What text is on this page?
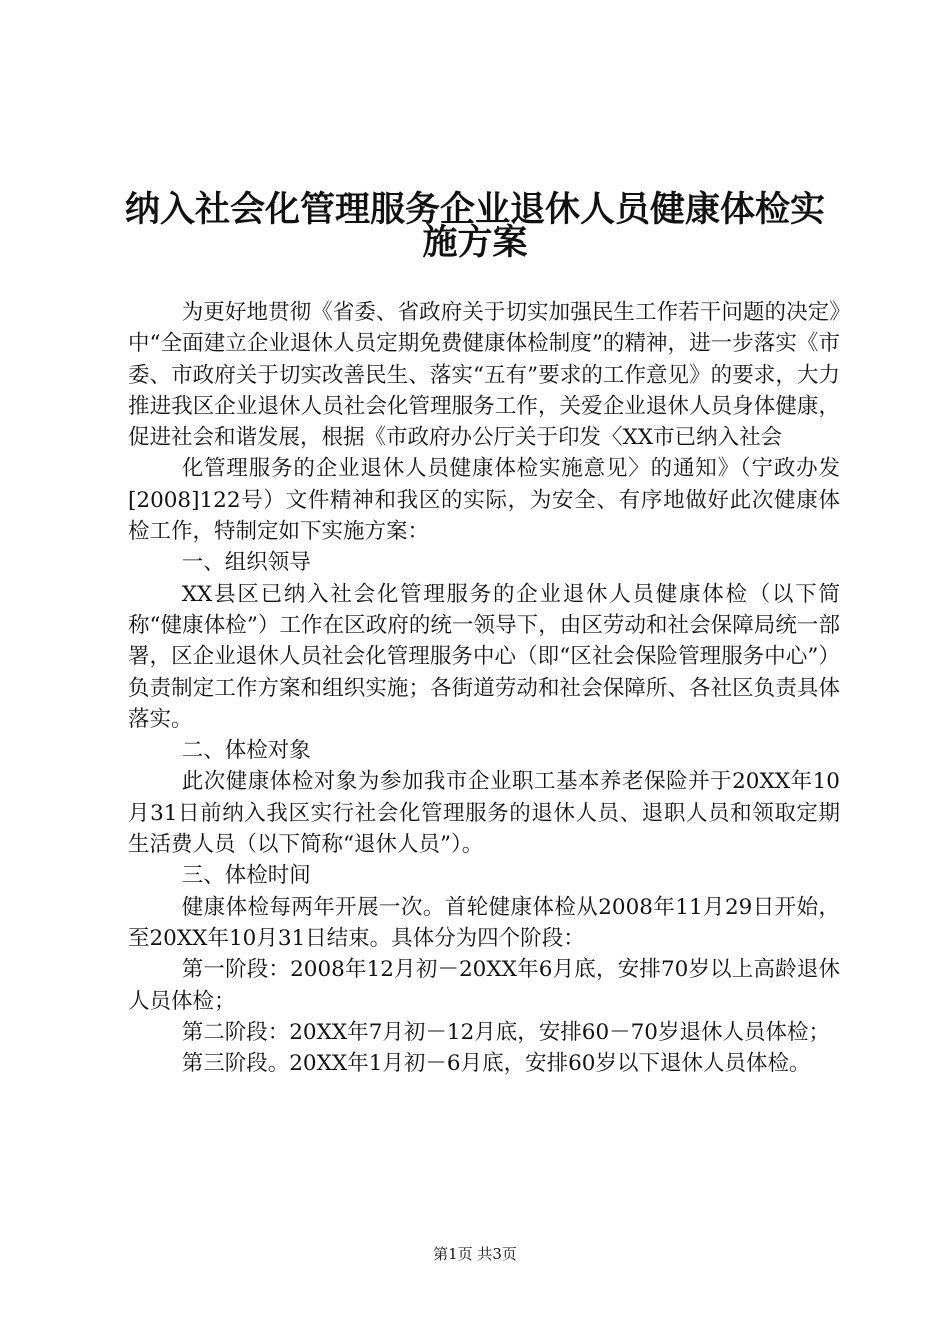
纳入社会化管理服务企业退休人员健康体检实
施方案

为更好地贯彻《省委、省政府关于切实加强民生工作若干问题的决定》中“全面建立企业退休人员定期免费健康体检制度”的精神，进一步落实《市委、市政府关于切实改善民生、落实“五有”要求的工作意见》的要求，大力推进我区企业退休人员社会化管理服务工作，关爱企业退休人员身体健康，促进社会和谐发展，根据《市政府办公厅关于印发〈XX市已纳入社会

化管理服务的企业退休人员健康体检实施意见〉的通知》（宁政办发[2008]122号）文件精神和我区的实际，为安全、有序地做好此次健康体检工作，特制定如下实施方案：

一、组织领导

XX县区已纳入社会化管理服务的企业退休人员健康体检（以下简称“健康体检”）工作在区政府的统一领导下，由区劳动和社会保障局统一部署，区企业退休人员社会化管理服务中心（即“区社会保险管理服务中心”）负责制定工作方案和组织实施；各街道劳动和社会保障所、各社区负责具体落实。

二、体检对象

此次健康体检对象为参加我市企业职工基本养老保险并于20XX年10月31日前纳入我区实行社会化管理服务的退休人员、退职人员和领取定期生活费人员（以下简称“退休人员”）。

三、体检时间

健康体检每两年开展一次。首轮健康体检从2008年11月29日开始，至20XX年10月31日结束。具体分为四个阶段：

第一阶段：2008年12月初－20XX年6月底，安排70岁以上高龄退休人员体检；

第二阶段：20XX年7月初－12月底，安排60－70岁退休人员体检；

第三阶段。20XX年1月初－6月底，安排60岁以下退休人员体检。

第1页 共3页
